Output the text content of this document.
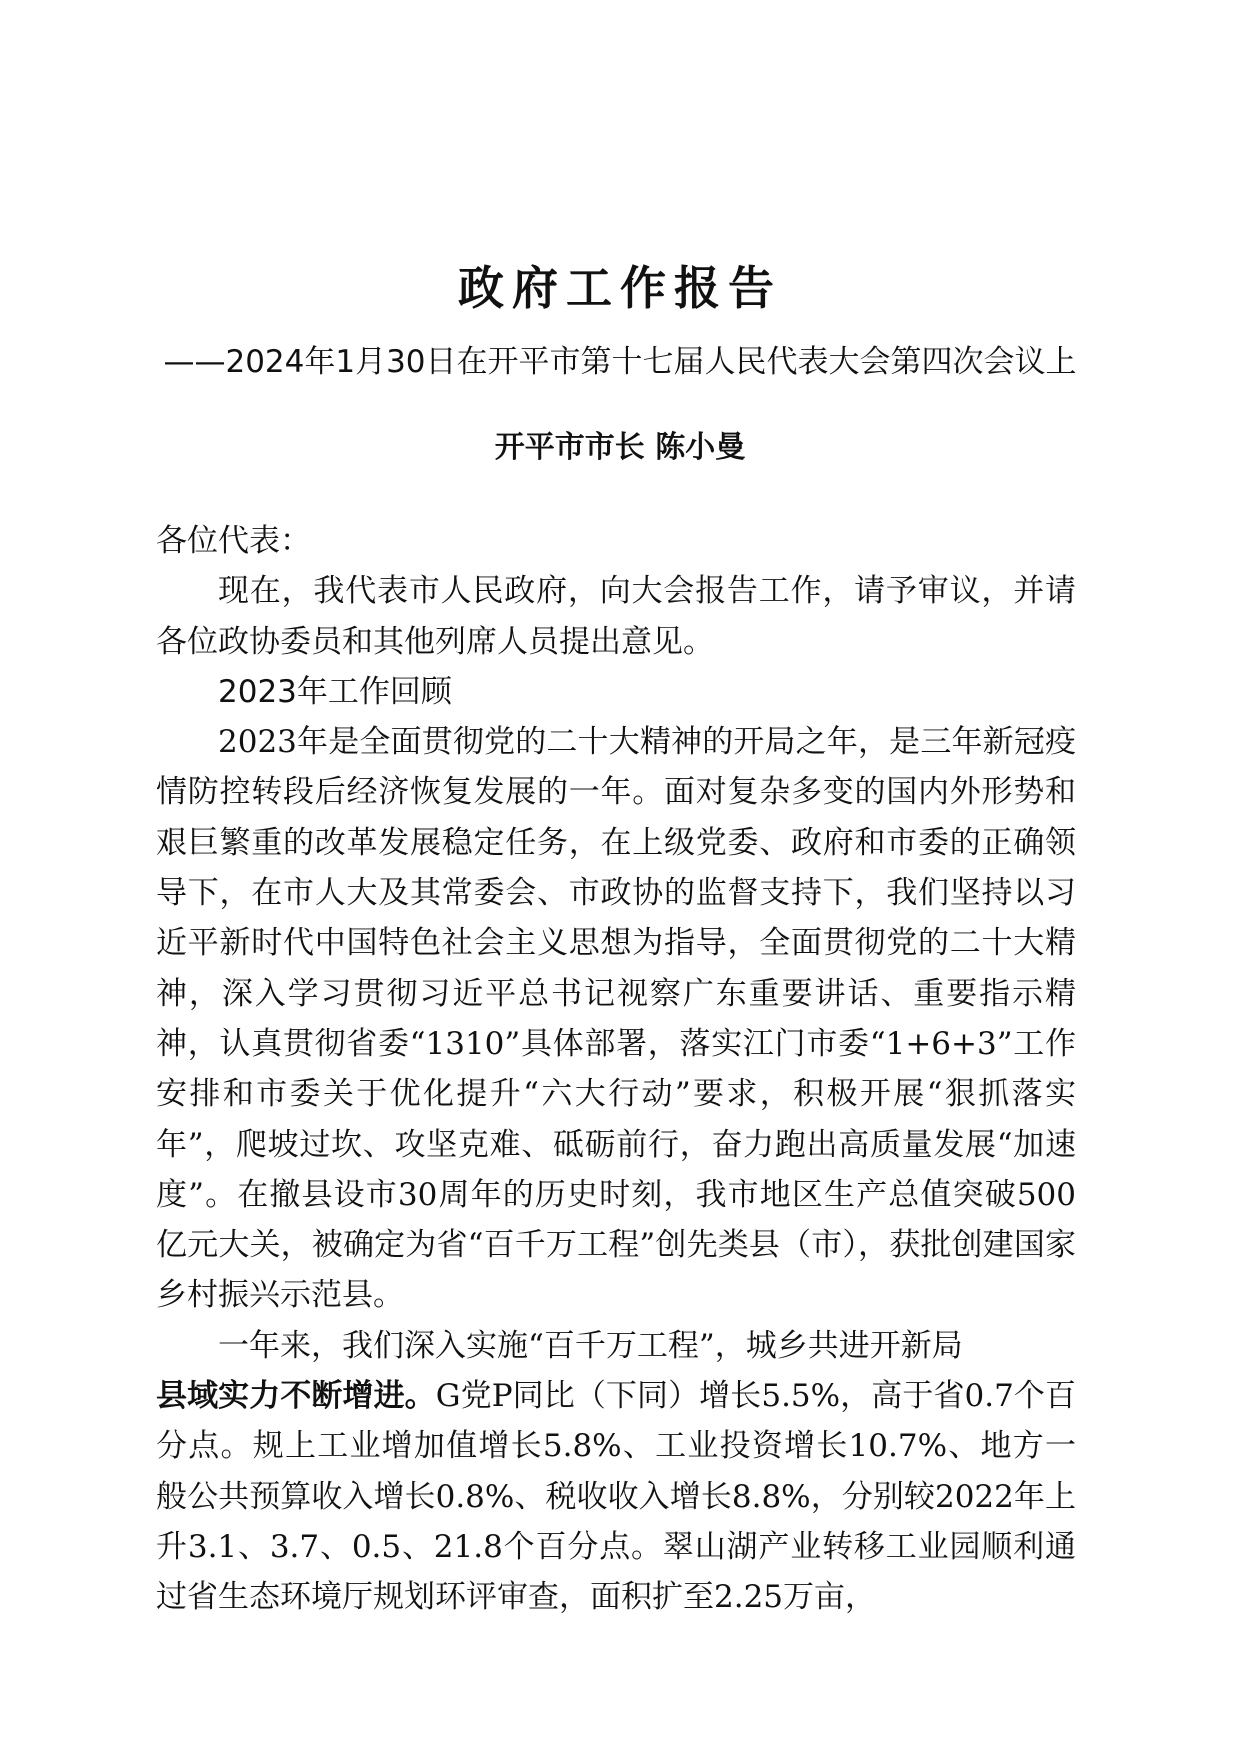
政府工作报告
——2024年1月30日在开平市第十七届人民代表大会第四次会议上
开平市市长 陈小曼

各位代表：

现在，我代表市人民政府，向大会报告工作，请予审议，并请各位政协委员和其他列席人员提出意见。

2023年工作回顾

2023年是全面贯彻党的二十大精神的开局之年，是三年新冠疫情防控转段后经济恢复发展的一年。面对复杂多变的国内外形势和艰巨繁重的改革发展稳定任务，在上级党委、政府和市委的正确领导下，在市人大及其常委会、市政协的监督支持下，我们坚持以习近平新时代中国特色社会主义思想为指导，全面贯彻党的二十大精神，深入学习贯彻习近平总书记视察广东重要讲话、重要指示精神，认真贯彻省委“1310”具体部署，落实江门市委“1+6+3”工作安排和市委关于优化提升“六大行动”要求，积极开展“狠抓落实年”，爬坡过坎、攻坚克难、砥砺前行，奋力跑出高质量发展“加速度”。在撤县设市30周年的历史时刻，我市地区生产总值突破500亿元大关，被确定为省“百千万工程”创先类县（市），获批创建国家乡村振兴示范县。

一年来，我们深入实施“百千万工程”，城乡共进开新局
县域实力不断增进。G党P同比（下同）增长5.5%，高于省0.7个百分点。规上工业增加值增长5.8%、工业投资增长10.7%、地方一般公共预算收入增长0.8%、税收收入增长8.8%，分别较2022年上升3.1、3.7、0.5、21.8个百分点。翠山湖产业转移工业园顺利通过省生态环境厅规划环评审查，面积扩至2.25万亩，
